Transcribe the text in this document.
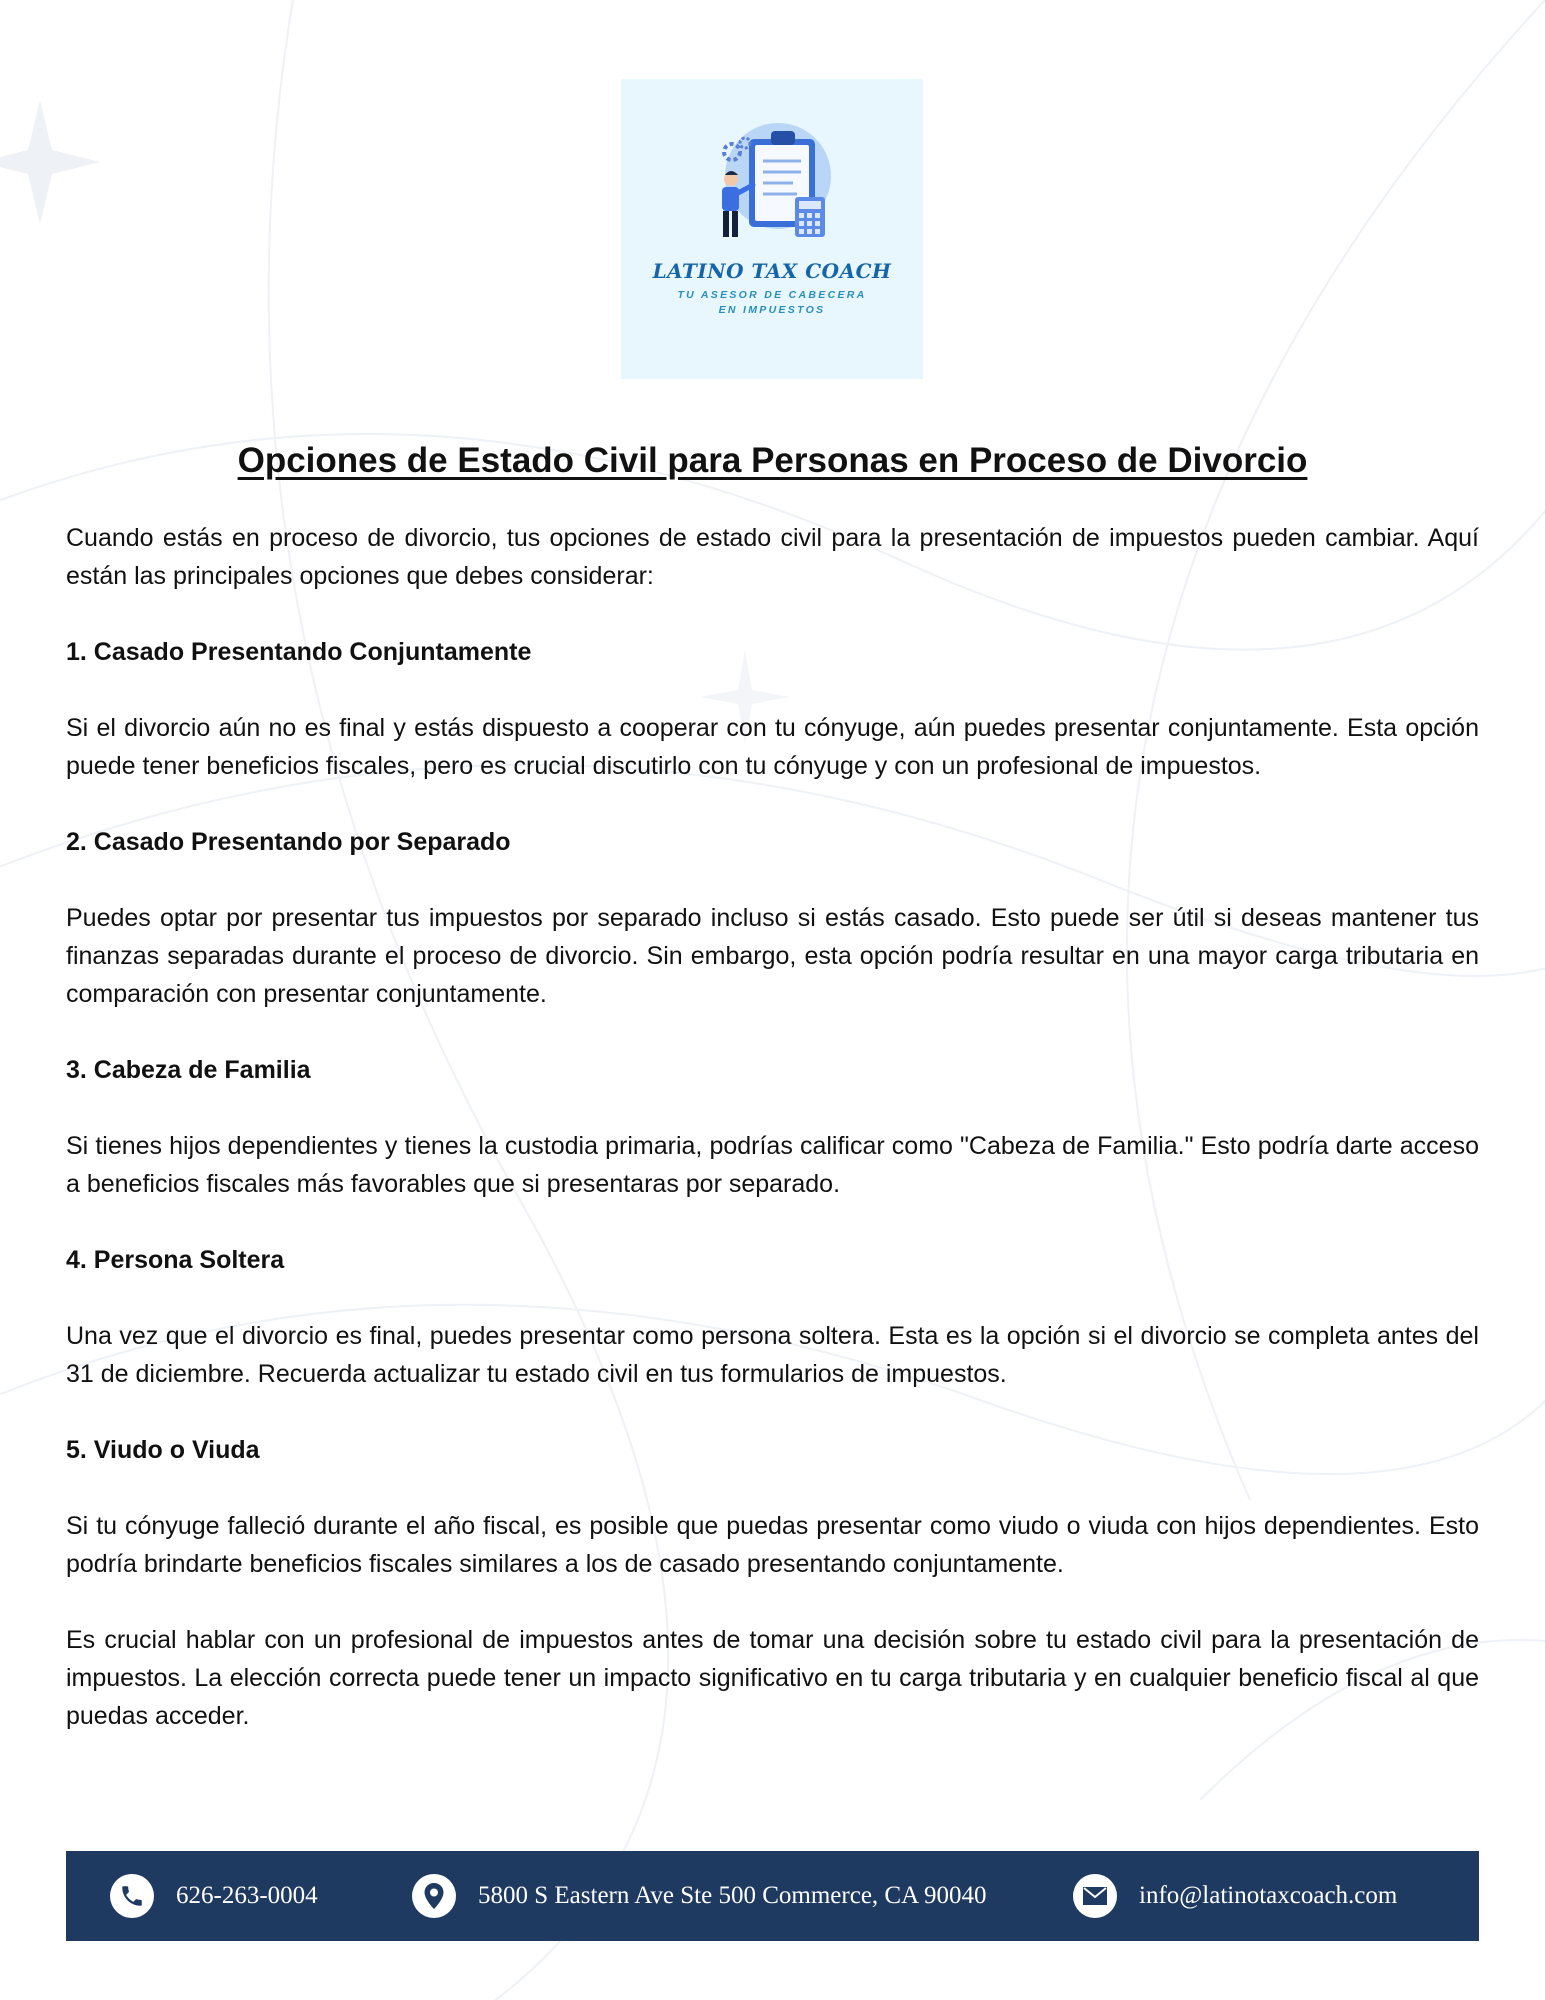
LATINO TAX COACH
TU ASESOR DE CABECERA
EN IMPUESTOS
Opciones de Estado Civil para Personas en Proceso de Divorcio

Cuando estás en proceso de divorcio, tus opciones de estado civil para la presentación de impuestos pueden cambiar. Aquí están las principales opciones que debes considerar:

1. Casado Presentando Conjuntamente

Si el divorcio aún no es final y estás dispuesto a cooperar con tu cónyuge, aún puedes presentar conjuntamente. Esta opción puede tener beneficios fiscales, pero es crucial discutirlo con tu cónyuge y con un profesional de impuestos.

2. Casado Presentando por Separado

Puedes optar por presentar tus impuestos por separado incluso si estás casado. Esto puede ser útil si deseas mantener tus finanzas separadas durante el proceso de divorcio. Sin embargo, esta opción podría resultar en una mayor carga tributaria en comparación con presentar conjuntamente.

3. Cabeza de Familia

Si tienes hijos dependientes y tienes la custodia primaria, podrías calificar como "Cabeza de Familia." Esto podría darte acceso a beneficios fiscales más favorables que si presentaras por separado.

4. Persona Soltera

Una vez que el divorcio es final, puedes presentar como persona soltera. Esta es la opción si el divorcio se completa antes del 31 de diciembre. Recuerda actualizar tu estado civil en tus formularios de impuestos.

5. Viudo o Viuda

Si tu cónyuge falleció durante el año fiscal, es posible que puedas presentar como viudo o viuda con hijos dependientes. Esto podría brindarte beneficios fiscales similares a los de casado presentando conjuntamente.

Es crucial hablar con un profesional de impuestos antes de tomar una decisión sobre tu estado civil para la presentación de impuestos. La elección correcta puede tener un impacto significativo en tu carga tributaria y en cualquier beneficio fiscal al que puedas acceder.

626-263-0004	5800 S Eastern Ave Ste 500 Commerce, CA 90040	info@latinotaxcoach.com
